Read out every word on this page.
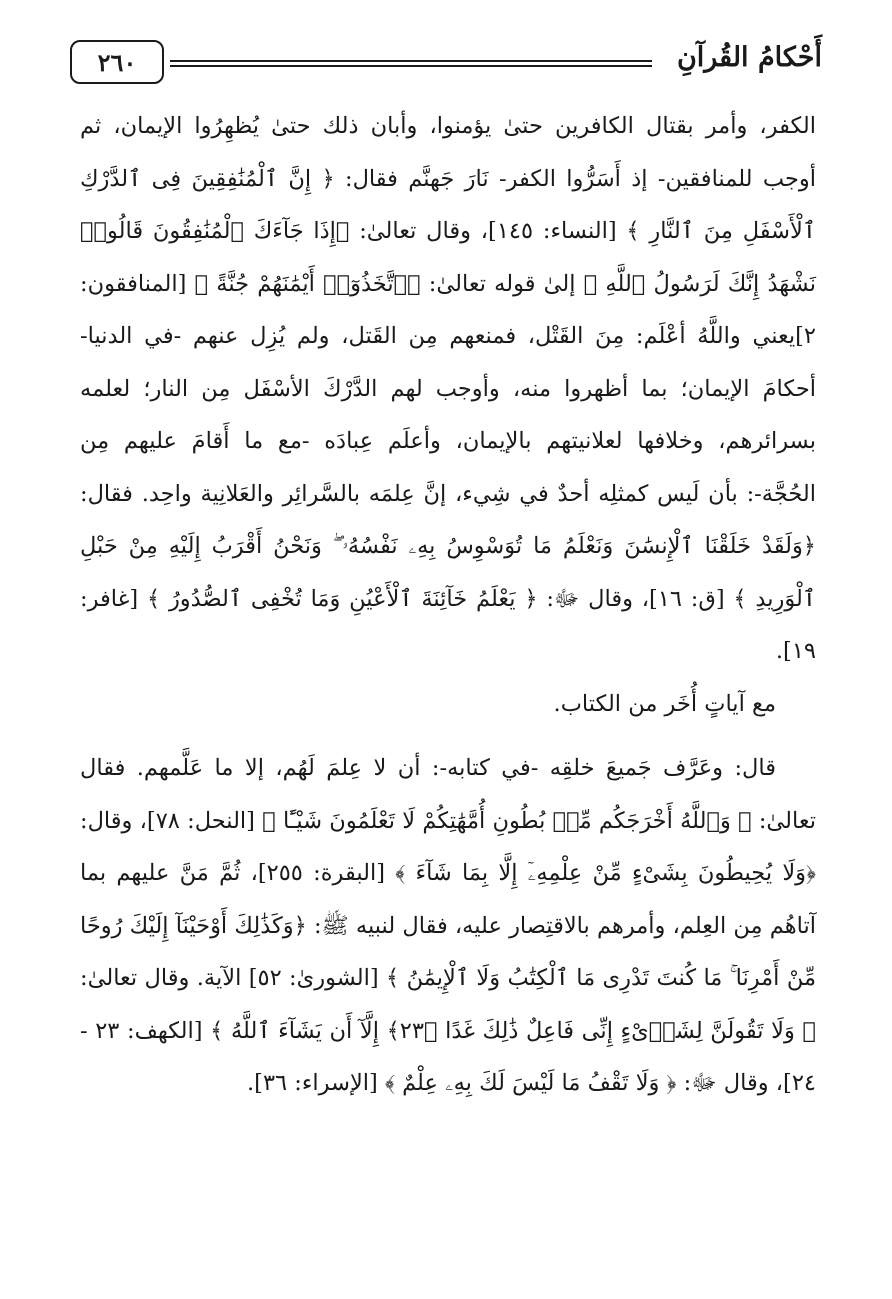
٢٦٠	أَحْكامُ القُرآنِ

الكفر، وأمر بقتال الكافرين حتىٰ يؤمنوا، وأبان ذلك حتىٰ يُظهِرُوا الإيمان، ثم أوجب للمنافقين- إذ أَسَرُّوا الكفر- نَارَ جَهنَّم فقال: ﴿ إِنَّ ٱلْمُنَٰفِقِينَ فِى ٱلدَّرْكِ ٱلْأَسْفَلِ مِنَ ٱلنَّارِ ﴾ [النساء: ١٤٥]، وقال تعالىٰ: ﴿إِذَا جَآءَكَ ٱلْمُنَٰفِقُونَ قَالُوا۟ نَشْهَدُ إِنَّكَ لَرَسُولُ ٱللَّهِ ﴾ إلىٰ قوله تعالىٰ: ﴿ٱتَّخَذُوٓا۟ أَيْمَٰنَهُمْ جُنَّةً ﴾ [المنافقون: ٢]يعني واللَّهُ أعْلَم: مِنَ القَتْل، فمنعهم مِن القَتل، ولم يُزِل عنهم -في الدنيا- أحكامَ الإيمان؛ بما أظهروا منه، وأوجب لهم الدَّرْكَ الأسْفَل مِن النار؛ لعلمه بسرائرهم، وخلافها لعلانيتهم بالإيمان، وأعلَم عِبادَه -مع ما أَقامَ عليهم مِن الحُجَّة-: بأن لَيس كمثلِه أحدٌ في شِيء، إنَّ عِلمَه بالسَّرائِر والعَلانِية واحِد. فقال: ﴿وَلَقَدْ خَلَقْنَا ٱلْإِنسَٰنَ وَنَعْلَمُ مَا تُوَسْوِسُ بِهِۦ نَفْسُهُۥ ۖ وَنَحْنُ أَقْرَبُ إِلَيْهِ مِنْ حَبْلِ ٱلْوَرِيدِ ﴾ [ق: ١٦]، وقال ﷻ: ﴿ يَعْلَمُ خَآئِنَةَ ٱلْأَعْيُنِ وَمَا تُخْفِى ٱلصُّدُورُ ﴾ [غافر: ١٩].

مع آياتٍ أُخَر من الكتاب.

قال: وعَرَّف جَميعَ خلقِه -في كتابه-: أن لا عِلمَ لَهُم، إلا ما عَلَّمهم. فقال تعالىٰ: ﴿ وَٱللَّهُ أَخْرَجَكُم مِّنۢ بُطُونِ أُمَّهَٰتِكُمْ لَا تَعْلَمُونَ شَيْـًٔا ﴾ [النحل: ٧٨]، وقال: ﴿وَلَا يُحِيطُونَ بِشَىْءٍ مِّنْ عِلْمِهِۦٓ إِلَّا بِمَا شَآءَ ﴾ [البقرة: ٢٥٥]، ثُمَّ مَنَّ عليهم بما آتاهُم مِن العِلم، وأمرهم بالاقتِصار عليه، فقال لنبيه ﷺ: ﴿وَكَذَٰلِكَ أَوْحَيْنَآ إِلَيْكَ رُوحًا مِّنْ أَمْرِنَا ۚ مَا كُنتَ تَدْرِى مَا ٱلْكِتَٰبُ وَلَا ٱلْإِيمَٰنُ ﴾ [الشورىٰ: ٥٢] الآية. وقال تعالىٰ: ﴿ وَلَا تَقُولَنَّ لِشَا۟ىْءٍ إِنِّى فَاعِلٌ ذَٰلِكَ غَدًا ﴿٢٣﴾ إِلَّآ أَن يَشَآءَ ٱللَّهُ ﴾ [الكهف: ٢٣ - ٢٤]، وقال ﷻ: ﴿ وَلَا تَقْفُ مَا لَيْسَ لَكَ بِهِۦ عِلْمٌ ﴾ [الإسراء: ٣٦].
